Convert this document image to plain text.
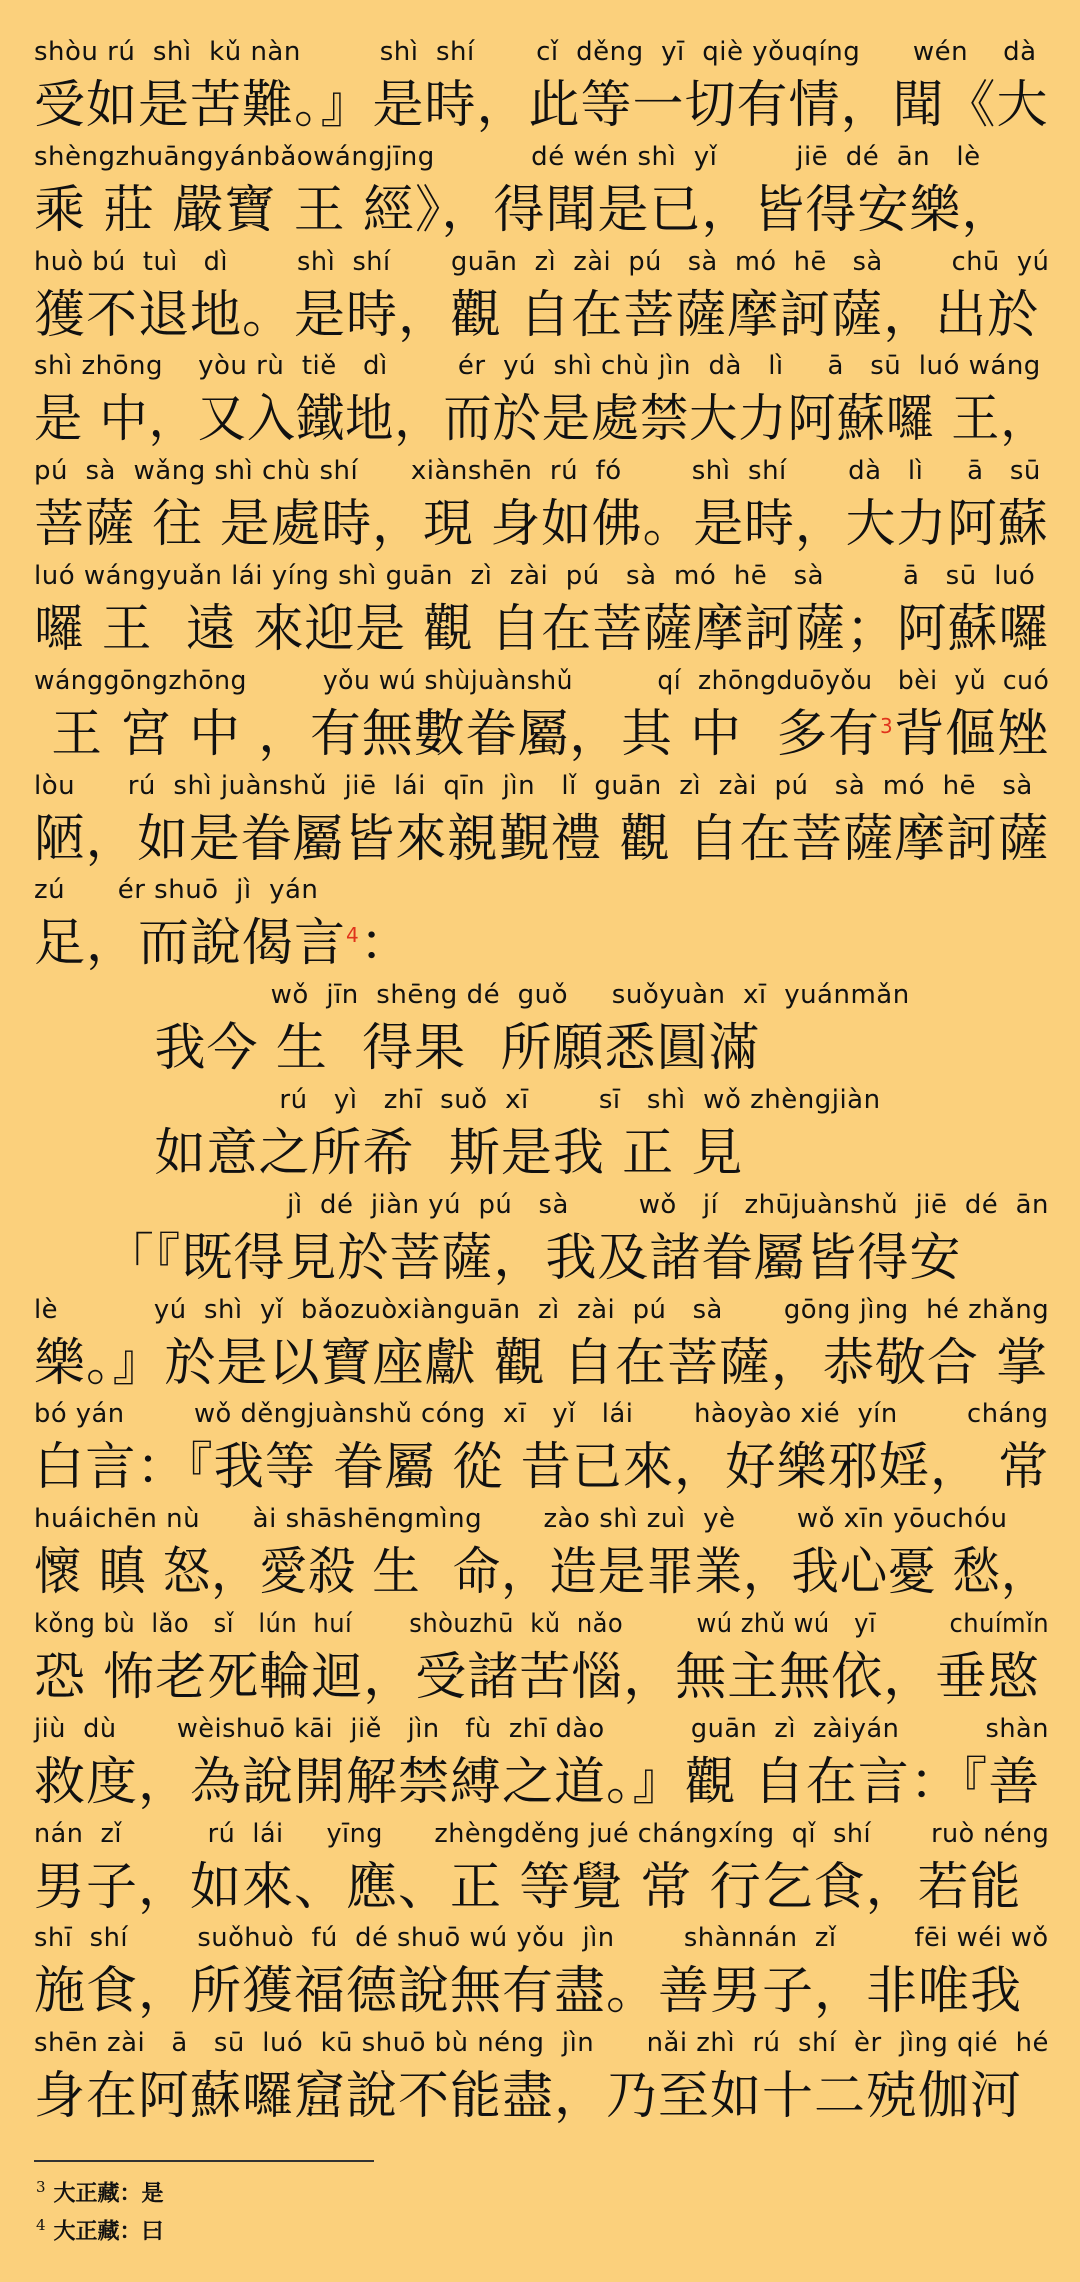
shòu rú  shì  kǔ nàn         shì  shí       cǐ  děng  yī  qiè yǒuqíng      wén    dà
受如是苦難。』是時，此等一切有情，聞《大
shèngzhuāngyánbǎowángjīng           dé wén shì  yǐ         jiē  dé  ān   lè
乘 莊 嚴寶 王 經》，得聞是已，皆得安樂，
huò bú  tuì   dì        shì  shí       guān  zì  zài  pú   sà  mó  hē   sà        chū  yú
獲不退地。是時，觀 自在菩薩摩訶薩，出於
shì zhōng    yòu rù  tiě   dì        ér  yú  shì chù jìn  dà   lì     ā   sū  luó wáng
是 中，又入鐵地，而於是處禁大力阿蘇囉 王，
pú  sà  wǎng shì chù shí      xiànshēn  rú  fó        shì  shí       dà   lì     ā   sū
菩薩 往 是處時，現 身如佛。是時，大力阿蘇
luó wángyuǎn lái yíng shì guān  zì  zài  pú   sà  mó  hē   sà         ā   sū  luó
囉 王  遠 來迎是 觀 自在菩薩摩訶薩；阿蘇囉
wánggōngzhōng         yǒu wú shùjuànshǔ          qí  zhōngduōyǒu   bèi  yǔ  cuó
王 宮 中 ，有無數眷屬，其 中  多有$^3$背傴矬
lòu      rú  shì juànshǔ  jiē  lái  qīn  jìn   lǐ  guān  zì  zài  pú   sà  mó  hē   sà
陋，如是眷屬皆來親覲禮 觀 自在菩薩摩訶薩
zú      ér shuō  jì  yán
足，而說偈言$^4$：
wǒ  jīn  shēng dé  guǒ     suǒyuàn  xī  yuánmǎn
我今 生  得果  所願悉圓滿
rú   yì   zhī  suǒ  xī        sī   shì  wǒ zhèngjiàn
如意之所希  斯是我 正 見
jì  dé  jiàn yú  pú   sà        wǒ   jí   zhūjuànshǔ  jiē  dé  ān
「『既得見於菩薩，我及諸眷屬皆得安
lè           yú  shì  yǐ  bǎozuòxiànguān  zì  zài  pú   sà       gōng jìng  hé zhǎng
樂。』於是以寶座獻 觀 自在菩薩，恭敬合 掌
bó yán        wǒ děngjuànshǔ cóng  xī   yǐ   lái       hàoyào xié  yín        cháng
白言：『我等 眷屬 從 昔已來，好樂邪婬， 常
huáichēn nù      ài shāshēngmìng       zào shì zuì  yè       wǒ xīn yōuchóu
懷 瞋 怒，愛殺 生  命，造是罪業，我心憂 愁，
kǒng bù  lǎo   sǐ   lún  huí       shòuzhū  kǔ  nǎo         wú zhǔ wú   yī         chuímǐn
恐 怖老死輪迴，受諸苦惱，無主無依，垂愍
jiù  dù       wèishuō kāi  jiě   jìn   fù  zhī dào          guān  zì  zàiyán          shàn
救度，為說開解禁縛之道。』觀 自在言：『善
nán  zǐ          rú  lái     yīng      zhèngděng jué chángxíng  qǐ  shí       ruò néng
男子，如來、應、正 等覺 常 行乞食，若能
shī  shí        suǒhuò  fú  dé shuō wú yǒu  jìn        shànnán  zǐ         fēi wéi wǒ
施食，所獲福德說無有盡。善男子，非唯我
shēn zài   ā   sū  luó  kū shuō bù néng  jìn      nǎi zhì  rú  shí  èr  jìng qié  hé
身在阿蘇囉窟說不能盡，乃至如十二殑伽河
$^3$ 大正藏：是
$^4$ 大正藏：曰
